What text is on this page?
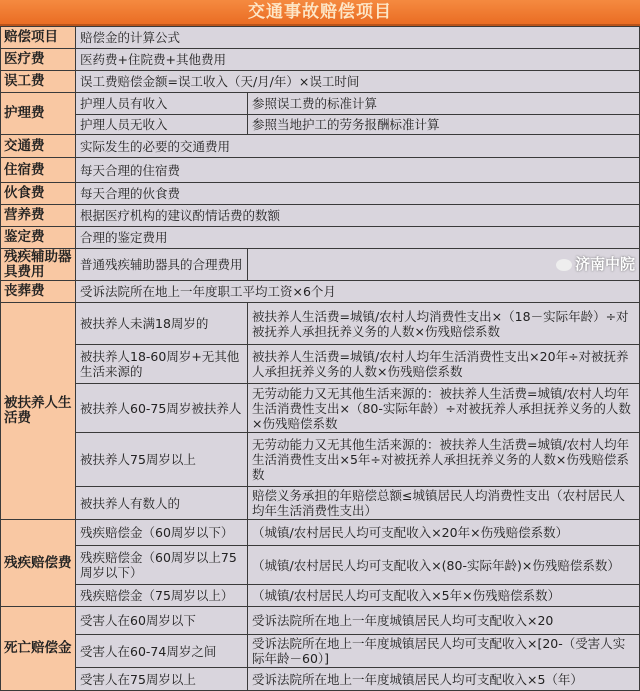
交通事故赔偿项目
赔偿项目	赔偿金的计算公式	
医疗费	医药费+住院费+其他费用	
误工费	误工费赔偿金额=误工收入（天/月/年）×误工时间	
护理费	护理人员有收入	参照误工费的标准计算
	护理人员无收入	参照当地护工的劳务报酬标准计算
交通费	实际发生的必要的交通费用	
住宿费	每天合理的住宿费	
伙食费	每天合理的伙食费	
营养费	根据医疗机构的建议酌情话费的数额	
鉴定费	合理的鉴定费用	
残疾辅助器具费用	普通残疾辅助器具的合理费用	济南中院
丧葬费	受诉法院所在地上一年度职工平均工资×6个月	
被扶养人生活费	被扶养人未满18周岁的	被扶养人生活费=城镇/农村人均消费性支出×（18－实际年龄）÷对被抚养人承担抚养义务的人数×伤残赔偿系数
	被扶养人18-60周岁+无其他生活来源的	被扶养人生活费=城镇/农村人均年生活消费性支出×20年÷对被抚养人承担抚养义务的人数×伤残赔偿系数
	被扶养人60-75周岁被扶养人	无劳动能力又无其他生活来源的：被扶养人生活费=城镇/农村人均年生活消费性支出×（80-实际年龄）÷对被抚养人承担抚养义务的人数×伤残赔偿系数
	被扶养人75周岁以上	无劳动能力又无其他生活来源的：被扶养人生活费=城镇/农村人均年生活消费性支出×5年÷对被抚养人承担抚养义务的人数×伤残赔偿系数
	被扶养人有数人的	赔偿义务承担的年赔偿总额≤城镇居民人均消费性支出（农村居民人均年生活消费性支出）
残疾赔偿费	残疾赔偿金（60周岁以下）	（城镇/农村居民人均可支配收入×20年×伤残赔偿系数）
	残疾赔偿金（60周岁以上75周岁以下）	（城镇/农村居民人均可支配收入×(80-实际年龄)×伤残赔偿系数）
	残疾赔偿金（75周岁以上）	（城镇/农村居民人均可支配收入×5年×伤残赔偿系数）
死亡赔偿金	受害人在60周岁以下	受诉法院所在地上一年度城镇居民人均可支配收入×20
	受害人在60-74周岁之间	受诉法院所在地上一年度城镇居民人均可支配收入×[20-（受害人实际年龄－60）]
	受害人在75周岁以上	受诉法院所在地上一年度城镇居民人均可支配收入×5（年）
